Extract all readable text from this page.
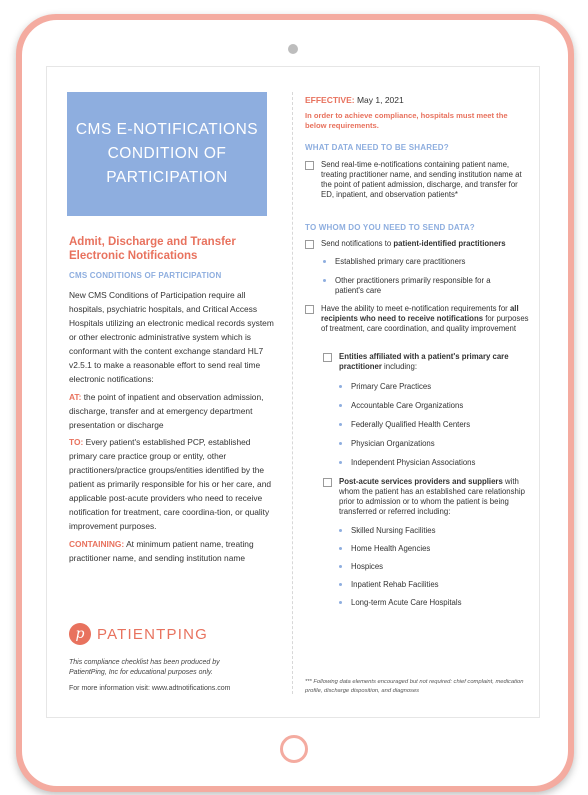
CMS E-NOTIFICATIONS CONDITION OF PARTICIPATION
Admit, Discharge and Transfer Electronic Notifications
CMS CONDITIONS OF PARTICIPATION
New CMS Conditions of Participation require all hospitals, psychiatric hospitals, and Critical Access Hospitals utilizing an electronic medical records system or other electronic administrative system which is conformant with the content exchange standard HL7 v2.5.1 to make a reasonable effort to send real time electronic notifications:
AT: the point of inpatient and observation admission, discharge, transfer and at emergency department presentation or discharge
TO: Every patient's established PCP, established primary care practice group or entity, other practitioners/practice groups/entities identified by the patient as primarily responsible for his or her care, and applicable post-acute providers who need to receive notification for treatment, care coordina-tion, or quality improvement purposes.
CONTAINING: At minimum patient name, treating practitioner name, and sending institution name
p PATIENTPING
This compliance checklist has been produced by PatientPing, Inc for educational purposes only.
For more information visit: www.adtnotifications.com
EFFECTIVE: May 1, 2021
In order to achieve compliance, hospitals must meet the below requirements.
WHAT DATA NEED TO BE SHARED?
Send real-time e-notifications containing patient name, treating practitioner name, and sending institution name at the point of patient admission, discharge, and transfer for ED, inpatient, and observation patients*
TO WHOM DO YOU NEED TO SEND DATA?
Send notifications to patient-identified practitioners
Established primary care practitioners
Other practitioners primarily responsible for a patient's care
Have the ability to meet e-notification requirements for all recipients who need to receive notifications for purposes of treatment, care coordination, and quality improvement
Entities affiliated with a patient's primary care practitioner including:
Primary Care Practices
Accountable Care Organizations
Federally Qualified Health Centers
Physician Organizations
Independent Physician Associations
Post-acute services providers and suppliers with whom the patient has an established care relationship prior to admission or to whom the patient is being transferred or referred including:
Skilled Nursing Facilities
Home Health Agencies
Hospices
Inpatient Rehab Facilities
Long-term Acute Care Hospitals
*** Following data elements encouraged but not required: chief complaint, medication profile, discharge disposition, and diagnoses
